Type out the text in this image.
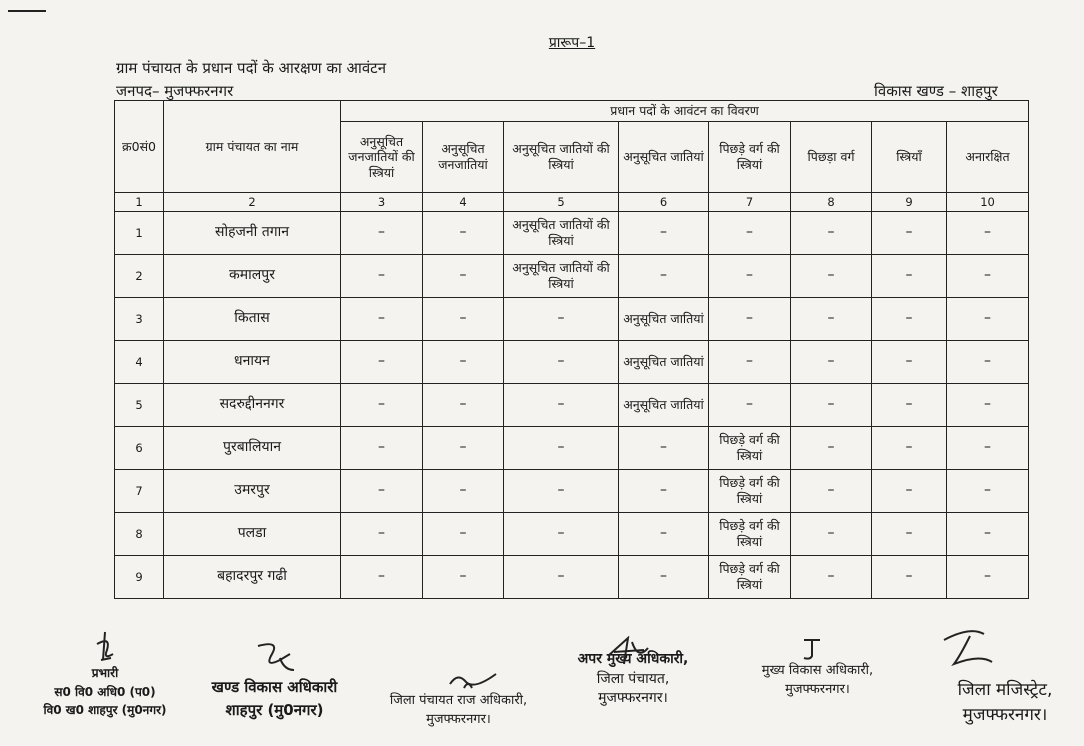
प्रारूप–1
ग्राम पंचायत के प्रधान पदों के आरक्षण का आवंटन
जनपद– मुजफ्फरनगर	विकास खण्ड – शाहपुर
क्र0सं0	ग्राम पंचायत का नाम	प्रधान पदों के आवंटन का विवरण							
		अनुसूचित जनजातियों की स्त्रियां	अनुसूचित जनजातियां	अनुसूचित जातियों की स्त्रियां	अनुसूचित जातियां	पिछड़े वर्ग की स्त्रियां	पिछड़ा वर्ग	स्त्रियाँ	अनारक्षित
1	2	3	4	5	6	7	8	9	10
1	सोहजनी तगान	–	–	अनुसूचित जातियों की स्त्रियां	–	–	–	–	–
2	कमालपुर	–	–	अनुसूचित जातियों की स्त्रियां	–	–	–	–	–
3	कितास	–	–	–	अनुसूचित जातियां	–	–	–	–
4	धनायन	–	–	–	अनुसूचित जातियां	–	–	–	–
5	सदरुद्दीननगर	–	–	–	अनुसूचित जातियां	–	–	–	–
6	पुरबालियान	–	–	–	–	पिछड़े वर्ग की स्त्रियां	–	–	–
7	उमरपुर	–	–	–	–	पिछड़े वर्ग की स्त्रियां	–	–	–
8	पलडा	–	–	–	–	पिछड़े वर्ग की स्त्रियां	–	–	–
9	बहादरपुर गढी	–	–	–	–	पिछड़े वर्ग की स्त्रियां	–	–	–
प्रभारी
स0 वि0 अधि0 (प0)
वि0 ख0 शाहपुर (मु0नगर)
खण्ड विकास अधिकारी
शाहपुर (मु0नगर)	जिला पंचायत राज अधिकारी,
मुजफ्फरनगर।
अपर मुख्य अधिकारी,
जिला पंचायत,
मुजफ्फरनगर।
मुख्य विकास अधिकारी,
मुजफ्फरनगर।	जिला मजिस्ट्रेट,
मुजफ्फरनगर।
